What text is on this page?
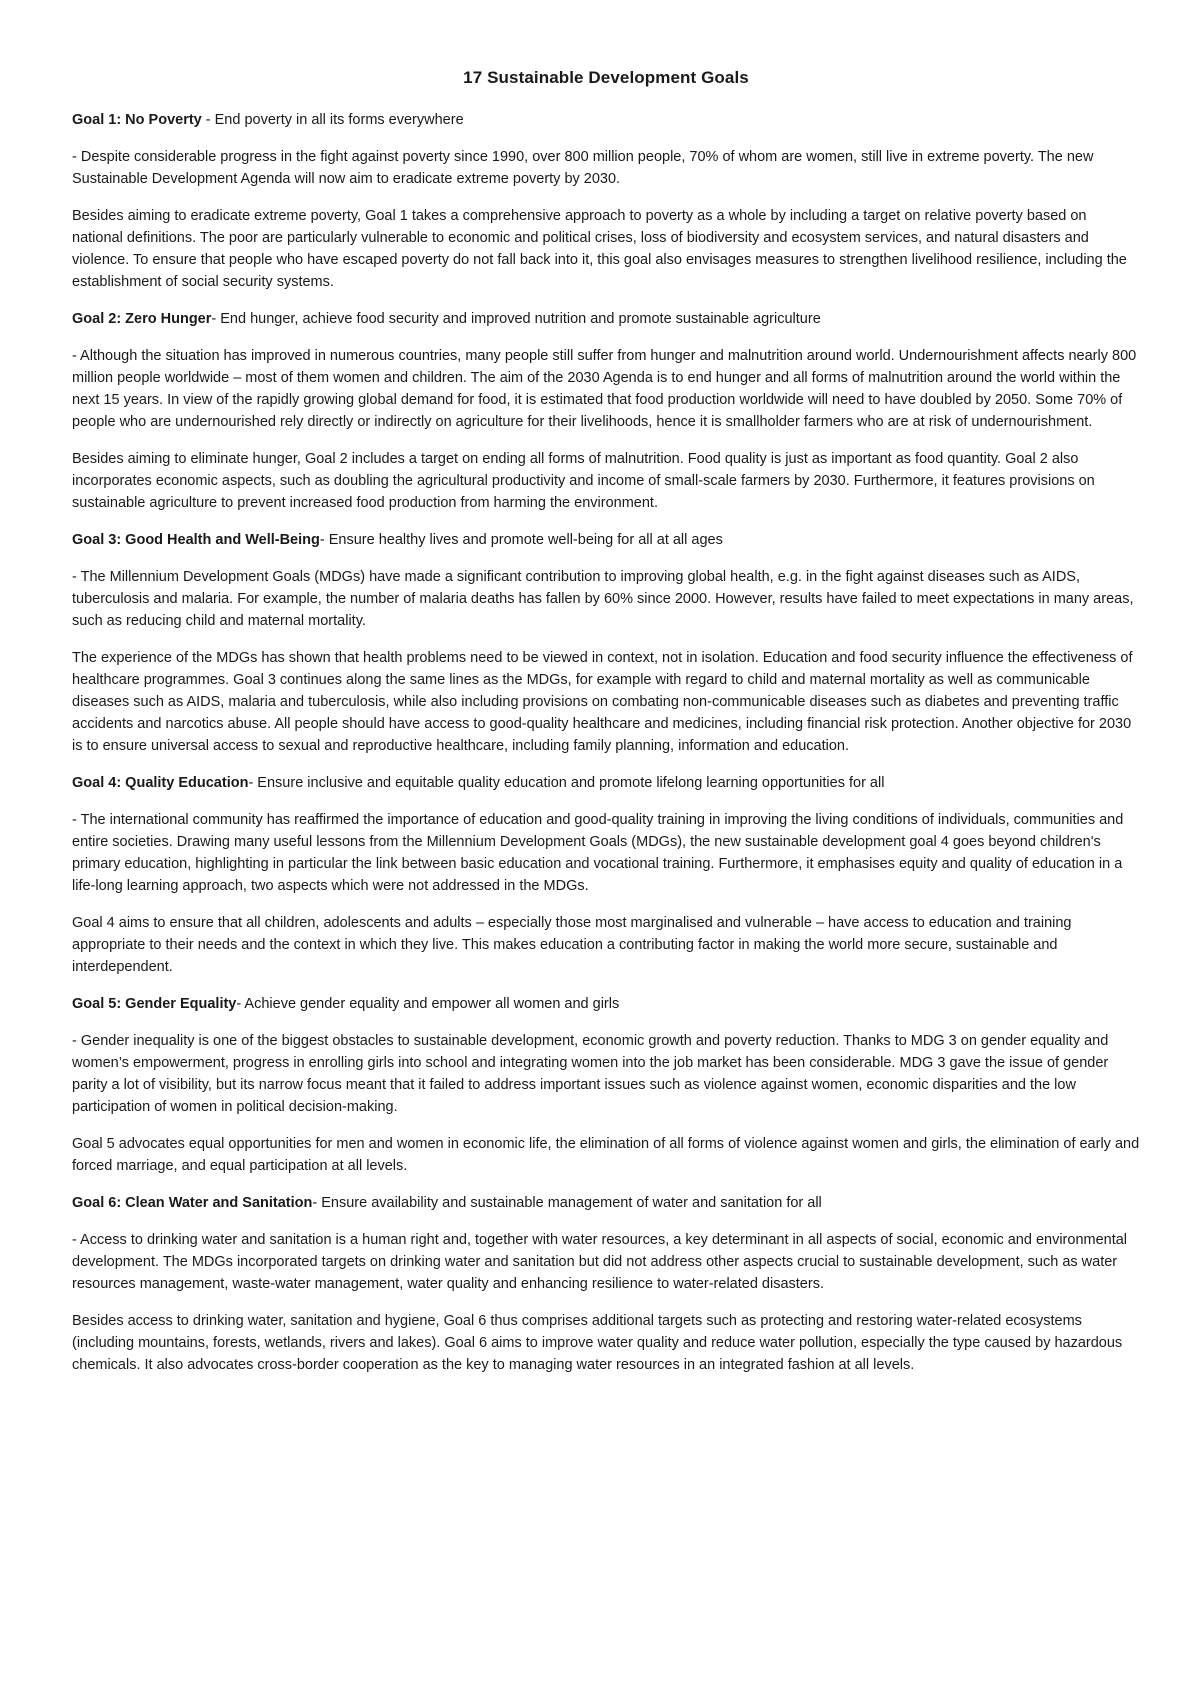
17 Sustainable Development Goals
Goal 1: No Poverty - End poverty in all its forms everywhere

- Despite considerable progress in the fight against poverty since 1990, over 800 million people, 70% of whom are women, still live in extreme poverty. The new Sustainable Development Agenda will now aim to eradicate extreme poverty by 2030.

Besides aiming to eradicate extreme poverty, Goal 1 takes a comprehensive approach to poverty as a whole by including a target on relative poverty based on national definitions. The poor are particularly vulnerable to economic and political crises, loss of biodiversity and ecosystem services, and natural disasters and violence. To ensure that people who have escaped poverty do not fall back into it, this goal also envisages measures to strengthen livelihood resilience, including the establishment of social security systems.

Goal 2: Zero Hunger- End hunger, achieve food security and improved nutrition and promote sustainable agriculture

- Although the situation has improved in numerous countries, many people still suffer from hunger and malnutrition around world. Undernourishment affects nearly 800 million people worldwide – most of them women and children. The aim of the 2030 Agenda is to end hunger and all forms of malnutrition around the world within the next 15 years. In view of the rapidly growing global demand for food, it is estimated that food production worldwide will need to have doubled by 2050. Some 70% of people who are undernourished rely directly or indirectly on agriculture for their livelihoods, hence it is smallholder farmers who are at risk of undernourishment.

Besides aiming to eliminate hunger, Goal 2 includes a target on ending all forms of malnutrition. Food quality is just as important as food quantity. Goal 2 also incorporates economic aspects, such as doubling the agricultural productivity and income of small-scale farmers by 2030. Furthermore, it features provisions on sustainable agriculture to prevent increased food production from harming the environment.

Goal 3: Good Health and Well-Being- Ensure healthy lives and promote well-being for all at all ages

- The Millennium Development Goals (MDGs) have made a significant contribution to improving global health, e.g. in the fight against diseases such as AIDS, tuberculosis and malaria. For example, the number of malaria deaths has fallen by 60% since 2000. However, results have failed to meet expectations in many areas, such as reducing child and maternal mortality.

The experience of the MDGs has shown that health problems need to be viewed in context, not in isolation. Education and food security influence the effectiveness of healthcare programmes. Goal 3 continues along the same lines as the MDGs, for example with regard to child and maternal mortality as well as communicable diseases such as AIDS, malaria and tuberculosis, while also including provisions on combating non-communicable diseases such as diabetes and preventing traffic accidents and narcotics abuse. All people should have access to good-quality healthcare and medicines, including financial risk protection. Another objective for 2030 is to ensure universal access to sexual and reproductive healthcare, including family planning, information and education.

Goal 4: Quality Education- Ensure inclusive and equitable quality education and promote lifelong learning opportunities for all

- The international community has reaffirmed the importance of education and good-quality training in improving the living conditions of individuals, communities and entire societies. Drawing many useful lessons from the Millennium Development Goals (MDGs), the new sustainable development goal 4 goes beyond children's primary education, highlighting in particular the link between basic education and vocational training. Furthermore, it emphasises equity and quality of education in a life-long learning approach, two aspects which were not addressed in the MDGs.

Goal 4 aims to ensure that all children, adolescents and adults – especially those most marginalised and vulnerable – have access to education and training appropriate to their needs and the context in which they live. This makes education a contributing factor in making the world more secure, sustainable and interdependent.

Goal 5: Gender Equality- Achieve gender equality and empower all women and girls

- Gender inequality is one of the biggest obstacles to sustainable development, economic growth and poverty reduction. Thanks to MDG 3 on gender equality and women’s empowerment, progress in enrolling girls into school and integrating women into the job market has been considerable. MDG 3 gave the issue of gender parity a lot of visibility, but its narrow focus meant that it failed to address important issues such as violence against women, economic disparities and the low participation of women in political decision-making.

Goal 5 advocates equal opportunities for men and women in economic life, the elimination of all forms of violence against women and girls, the elimination of early and forced marriage, and equal participation at all levels.

Goal 6: Clean Water and Sanitation- Ensure availability and sustainable management of water and sanitation for all

- Access to drinking water and sanitation is a human right and, together with water resources, a key determinant in all aspects of social, economic and environmental development. The MDGs incorporated targets on drinking water and sanitation but did not address other aspects crucial to sustainable development, such as water resources management, waste-water management, water quality and enhancing resilience to water-related disasters.

Besides access to drinking water, sanitation and hygiene, Goal 6 thus comprises additional targets such as protecting and restoring water-related ecosystems (including mountains, forests, wetlands, rivers and lakes). Goal 6 aims to improve water quality and reduce water pollution, especially the type caused by hazardous chemicals. It also advocates cross-border cooperation as the key to managing water resources in an integrated fashion at all levels.
